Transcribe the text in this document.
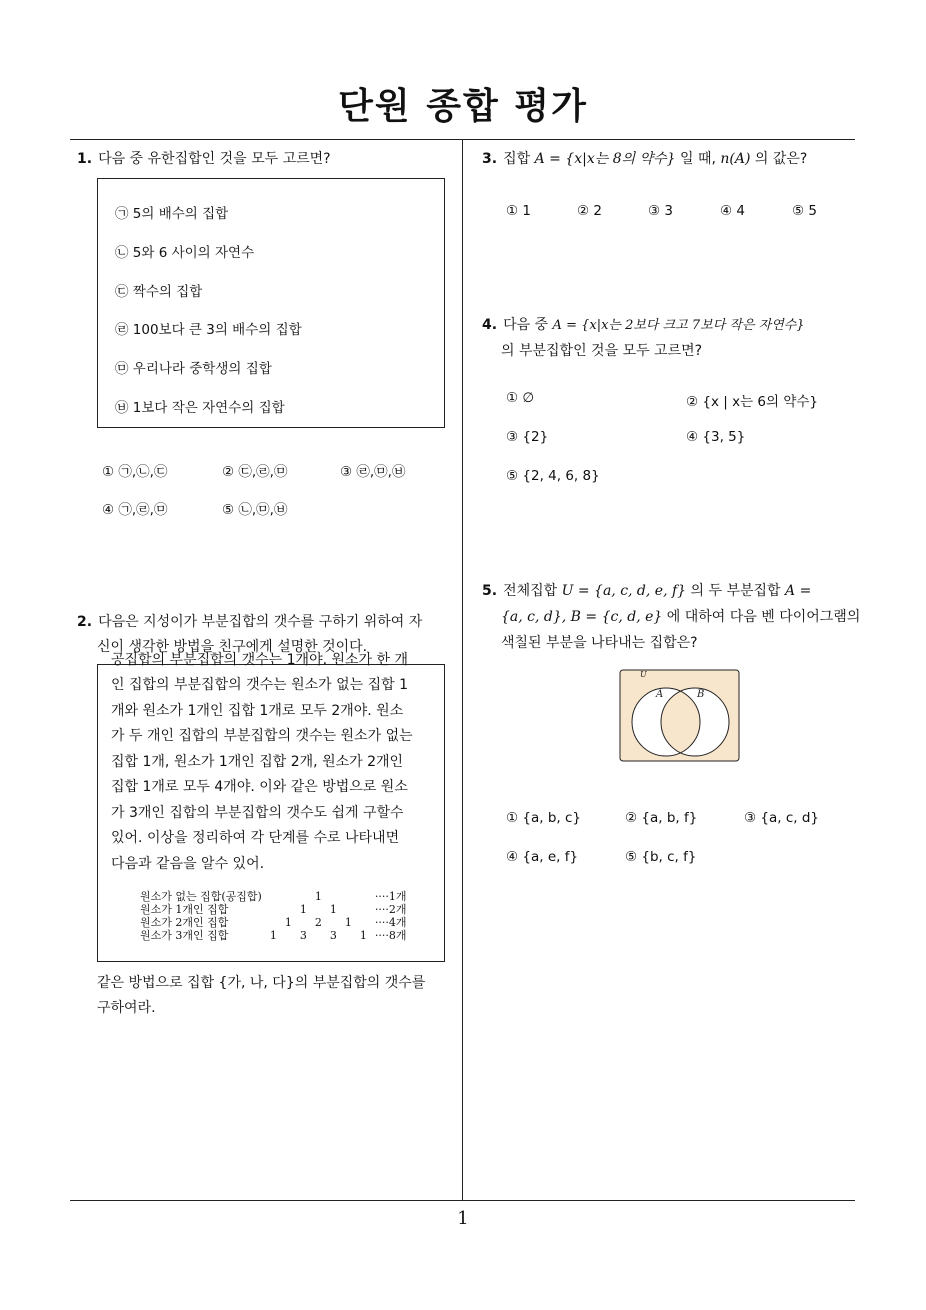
단원 종합 평가
1
1. 다음 중 유한집합인 것을 모두 고르면?
㉠ 5의 배수의 집합
㉡ 5와 6 사이의 자연수
㉢ 짝수의 집합
㉣ 100보다 큰 3의 배수의 집합
㉤ 우리나라 중학생의 집합
㉥ 1보다 작은 자연수의 집합
① ㉠,㉡,㉢	② ㉢,㉣,㉤	③ ㉣,㉤,㉥
④ ㉠,㉣,㉤	⑤ ㉡,㉤,㉥
2. 다음은 지성이가 부분집합의 갯수를 구하기 위하여 자
신이 생각한 방법을 친구에게 설명한 것이다.
공집합의 부분집합의 갯수는 1개야. 원소가 한 개
인 집합의 부분집합의 갯수는 원소가 없는 집합 1
개와 원소가 1개인 집합 1개로 모두 2개야. 원소
가 두 개인 집합의 부분집합의 갯수는 원소가 없는
집합 1개, 원소가 1개인 집합 2개, 원소가 2개인
집합 1개로 모두 4개야. 이와 같은 방법으로 원소
가 3개인 집합의 부분집합의 갯수도 쉽게 구할수
있어. 이상을 정리하여 각 단계를 수로 나타내면
다음과 같음을 알수 있어.
원소가 없는 집합(공집합)				1				····1개
원소가 1개인 집합			1		1			····2개
원소가 2개인 집합		1		2		1		····4개
원소가 3개인 집합	1		3		3		1	····8개
같은 방법으로 집합 {가, 나, 다}의 부분집합의 갯수를
구하여라.
3. 집합 A = {x|x는 8의 약수} 일 때, n(A) 의 값은?
① 1	② 2	③ 3	④ 4	⑤ 5
4. 다음 중 A = {x|x는 2보다 크고 7보다 작은 자연수}
의 부분집합인 것을 모두 고르면?
① ∅	② {x | x는 6의 약수}
③ {2}	④ {3, 5}
⑤ {2, 4, 6, 8}
5. 전체집합 U = {a, c, d, e, f} 의 두 부분집합 A =
{a, c, d}, B = {c, d, e} 에 대하여 다음 벤 다이어그램의
색칠된 부분을 나타내는 집합은?
U
A	B
① {a, b, c}	② {a, b, f}	③ {a, c, d}
④ {a, e, f}	⑤ {b, c, f}
